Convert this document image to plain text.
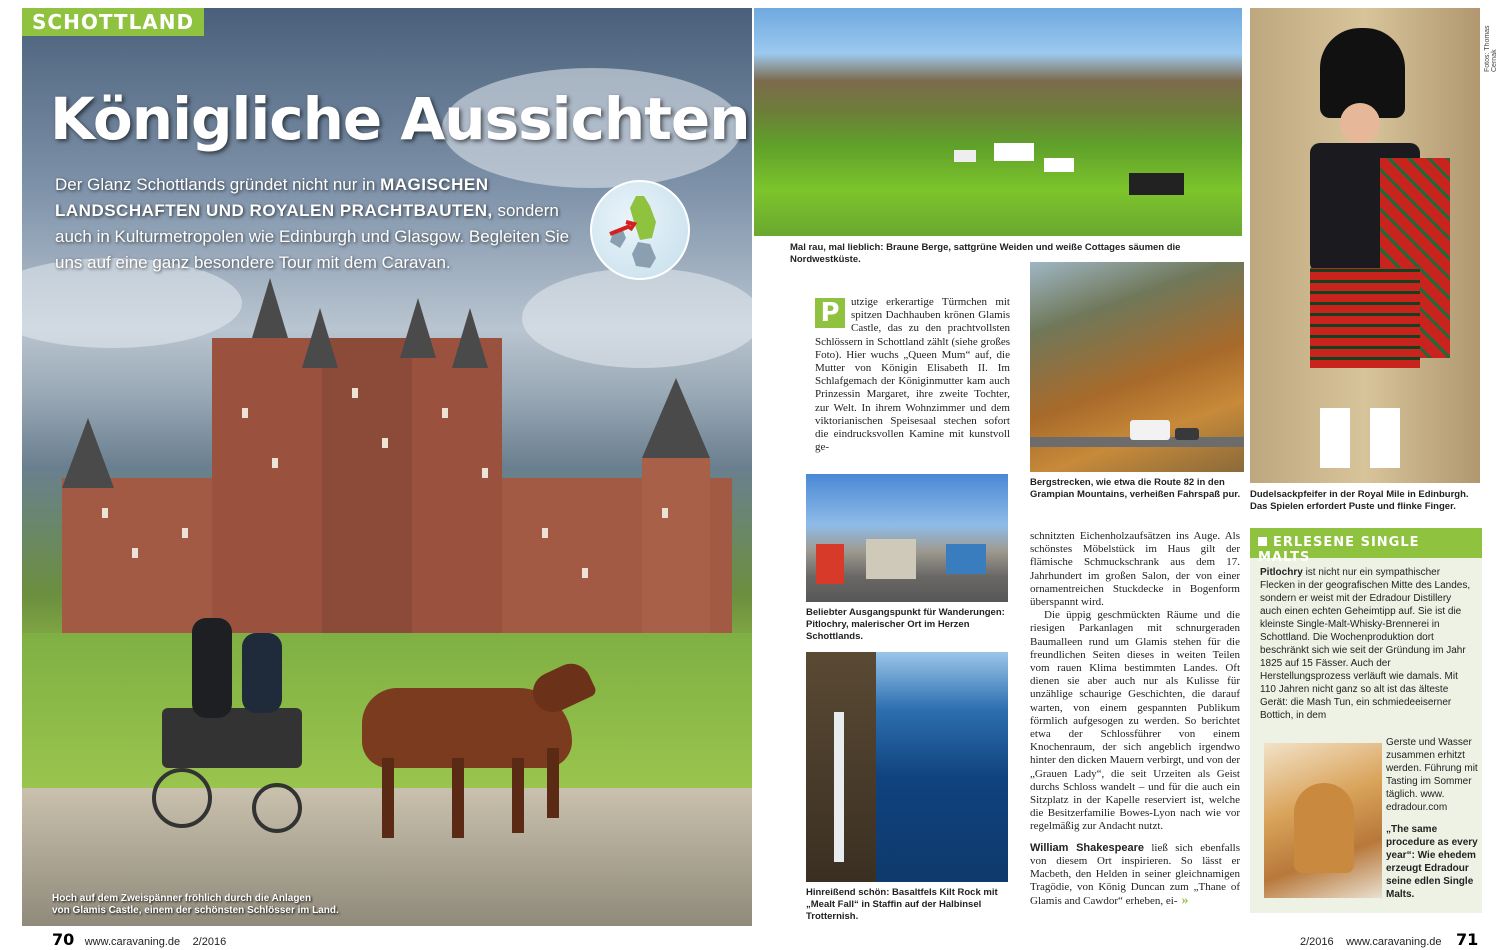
SCHOTTLAND
Königliche Aussichten
Der Glanz Schottlands gründet nicht nur in MAGISCHEN LANDSCHAFTEN UND ROYALEN PRACHTBAUTEN, sondern auch in Kulturmetropolen wie Edinburgh und Glasgow. Begleiten Sie uns auf eine ganz besondere Tour mit dem Caravan.
Hoch auf dem Zweispänner fröhlich durch die Anlagen
von Glamis Castle, einem der schönsten Schlösser im Land.
70 www.caravaning.de 2/2016
Mal rau, mal lieblich: Braune Berge, sattgrüne Weiden und weiße Cottages säumen die Nordwestküste.
Dudelsackpfeifer in der Royal Mile in Edinburgh.
Das Spielen erfordert Puste und flinke Finger.
Fotos: Thomas Cernak
Bergstrecken, wie etwa die Route 82 in den
Grampian Mountains, verheißen Fahrspaß pur.
P	utzige erkerartige Türmchen mit spitzen Dachhauben krönen Glamis Castle, das zu den prachtvollsten Schlössern in Schottland zählt (siehe großes Foto). Hier wuchs „Queen Mum“ auf, die Mutter von Königin Elisabeth II. Im Schlafgemach der Königinmutter kam auch Prinzessin Margaret, ihre zweite Tochter, zur Welt. In ihrem Wohnzimmer und dem viktorianischen Speisesaal stechen sofort die eindrucksvollen Kamine mit kunstvoll ge-
Beliebter Ausgangspunkt für Wanderungen:
Pitlochry, malerischer Ort im Herzen Schottlands.
Hinreißend schön: Basaltfels Kilt Rock mit
„Mealt Fall“ in Staffin auf der Halbinsel Trotternish.

schnitzten Eichenholzaufsätzen ins Auge. Als schönstes Möbelstück im Haus gilt der flämische Schmuckschrank aus dem 17. Jahrhundert im großen Salon, der von einer ornamentreichen Stuckdecke in Bogenform überspannt wird.

Die üppig geschmückten Räume und die riesigen Parkanlagen mit schnurgeraden Baumalleen rund um Glamis stehen für die freundlichen Seiten dieses in weiten Teilen vom rauen Klima bestimmten Landes. Oft dienen sie aber auch nur als Kulisse für unzählige schaurige Geschichten, die darauf warten, von einem gespannten Publikum förmlich aufgesogen zu werden. So berichtet etwa der Schlossführer von einem Knochenraum, der sich angeblich irgendwo hinter den dicken Mauern verbirgt, und von der „Grauen Lady“, die seit Urzeiten als Geist durchs Schloss wandelt – und für die auch ein Sitzplatz in der Kapelle reserviert ist, welche die Besitzerfamilie Bowes-Lyon nach wie vor regelmäßig zur Andacht nutzt.

William Shakespeare ließ sich ebenfalls von diesem Ort inspirieren. So lässt er Macbeth, den Helden in seiner gleichnamigen Tragödie, von König Duncan zum „Thane of Glamis and Cawdor“ erheben, ei- »

ERLESENE SINGLE MALTS
Pitlochry ist nicht nur ein sympathischer Flecken in der geografischen Mitte des Landes, sondern er weist mit der Edradour Distillery auch einen echten Geheimtipp auf. Sie ist die kleinste Single-Malt-Whisky-Brennerei in Schottland. Die Wochenproduktion dort beschränkt sich wie seit der Gründung im Jahr 1825 auf 15 Fässer. Auch der Herstellungsprozess verläuft wie damals. Mit 110 Jahren nicht ganz so alt ist das älteste Gerät: die Mash Tun, ein schmiedeeiserner Bottich, in dem
Gerste und Wasser zusammen erhitzt werden. Führung mit Tasting im Sommer täglich. www. edradour.com
„The same procedure as every year“: Wie ehedem erzeugt Edradour seine edlen Single Malts.
2/2016 www.caravaning.de 71
